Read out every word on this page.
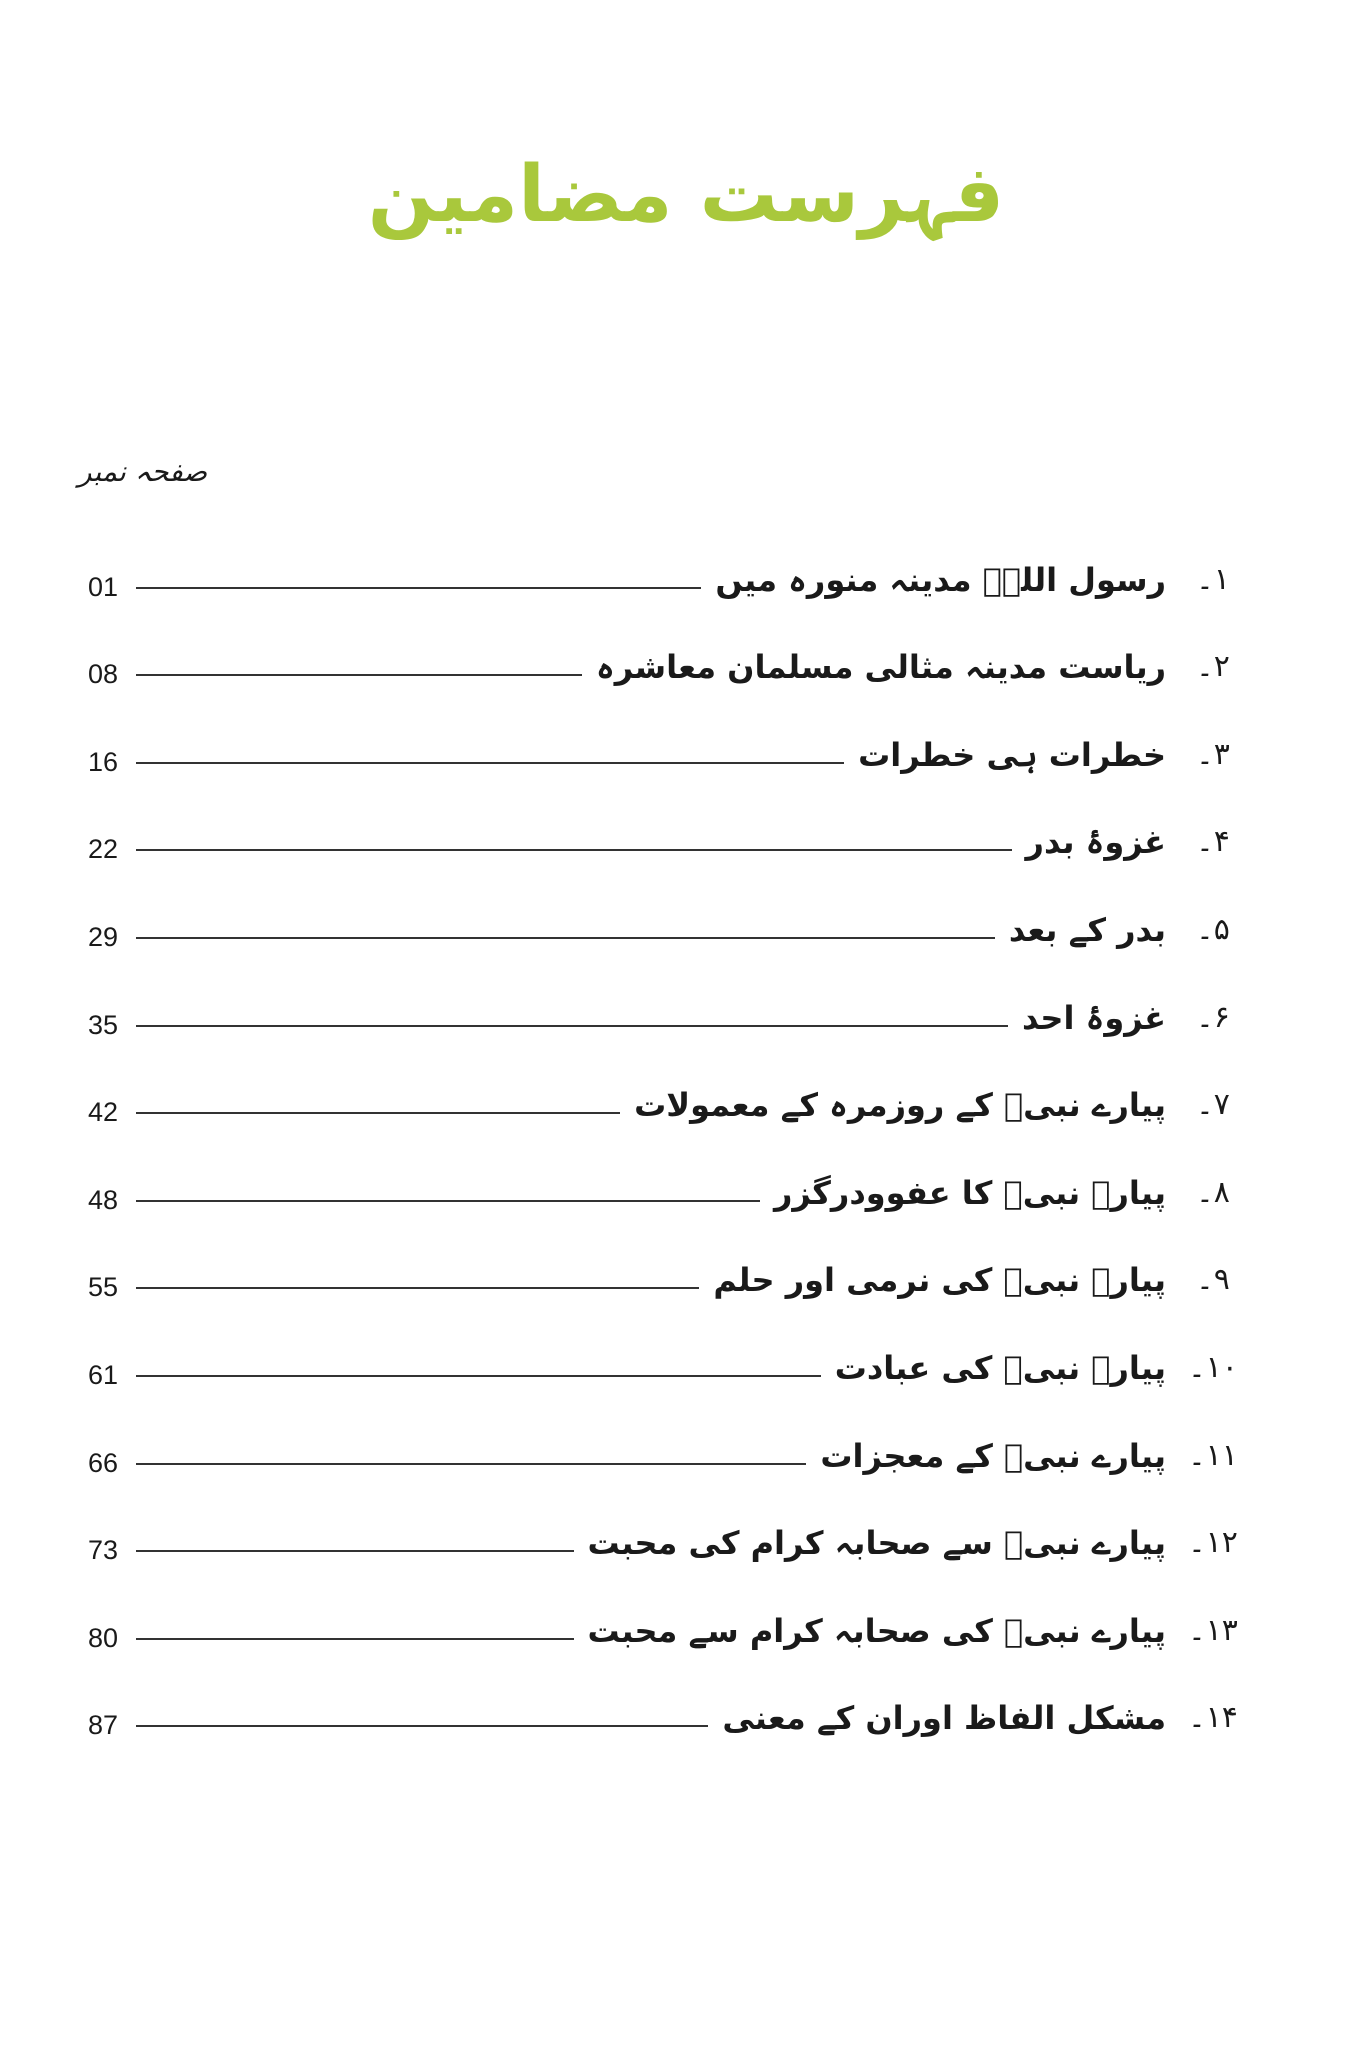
فہرست مضامین
صفحہ نمبر
۱۔
رسول اللہؐ مدینہ منورہ میں
01
۲۔
ریاست مدینہ مثالی مسلمان معاشرہ
08
۳۔
خطرات ہی خطرات
16
۴۔
غزوۂ بدر
22
۵۔
بدر کے بعد
29
۶۔
غزوۂ احد
35
۷۔
پیارے نبیؐ کے روزمرہ کے معمولات
42
۸۔
پیارے نبیؐ کا عفوودرگزر
48
۹۔
پیارے نبیؐ کی نرمی اور حلم
55
۱۰۔
پیارے نبیؐ کی عبادت
61
۱۱۔
پیارے نبیؐ کے معجزات
66
۱۲۔
پیارے نبیؐ سے صحابہ کرام کی محبت
73
۱۳۔
پیارے نبیؐ کی صحابہ کرام سے محبت
80
۱۴۔
مشکل الفاظ اوران کے معنی
87
